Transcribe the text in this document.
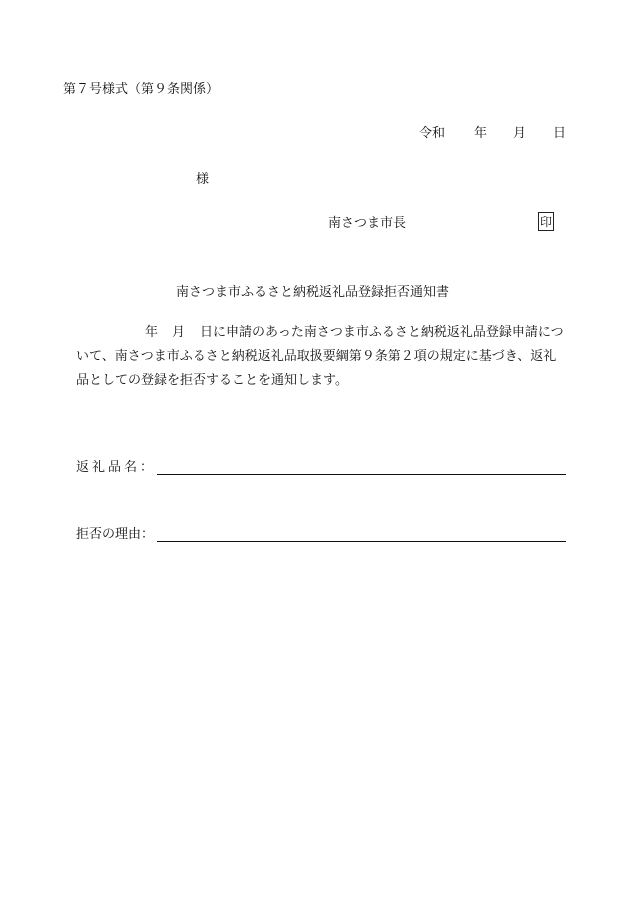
第７号様式（第９条関係）
令和 年 月 日
様
南さつま市長	印
南さつま市ふるさと納税返礼品登録拒否通知書
年 月 日に申請のあった南さつま市ふるさと納税返礼品登録申請につ
いて、南さつま市ふるさと納税返礼品取扱要綱第９条第２項の規定に基づき、返礼
品としての登録を拒否することを通知します。
返礼品名：
拒否の理由：
